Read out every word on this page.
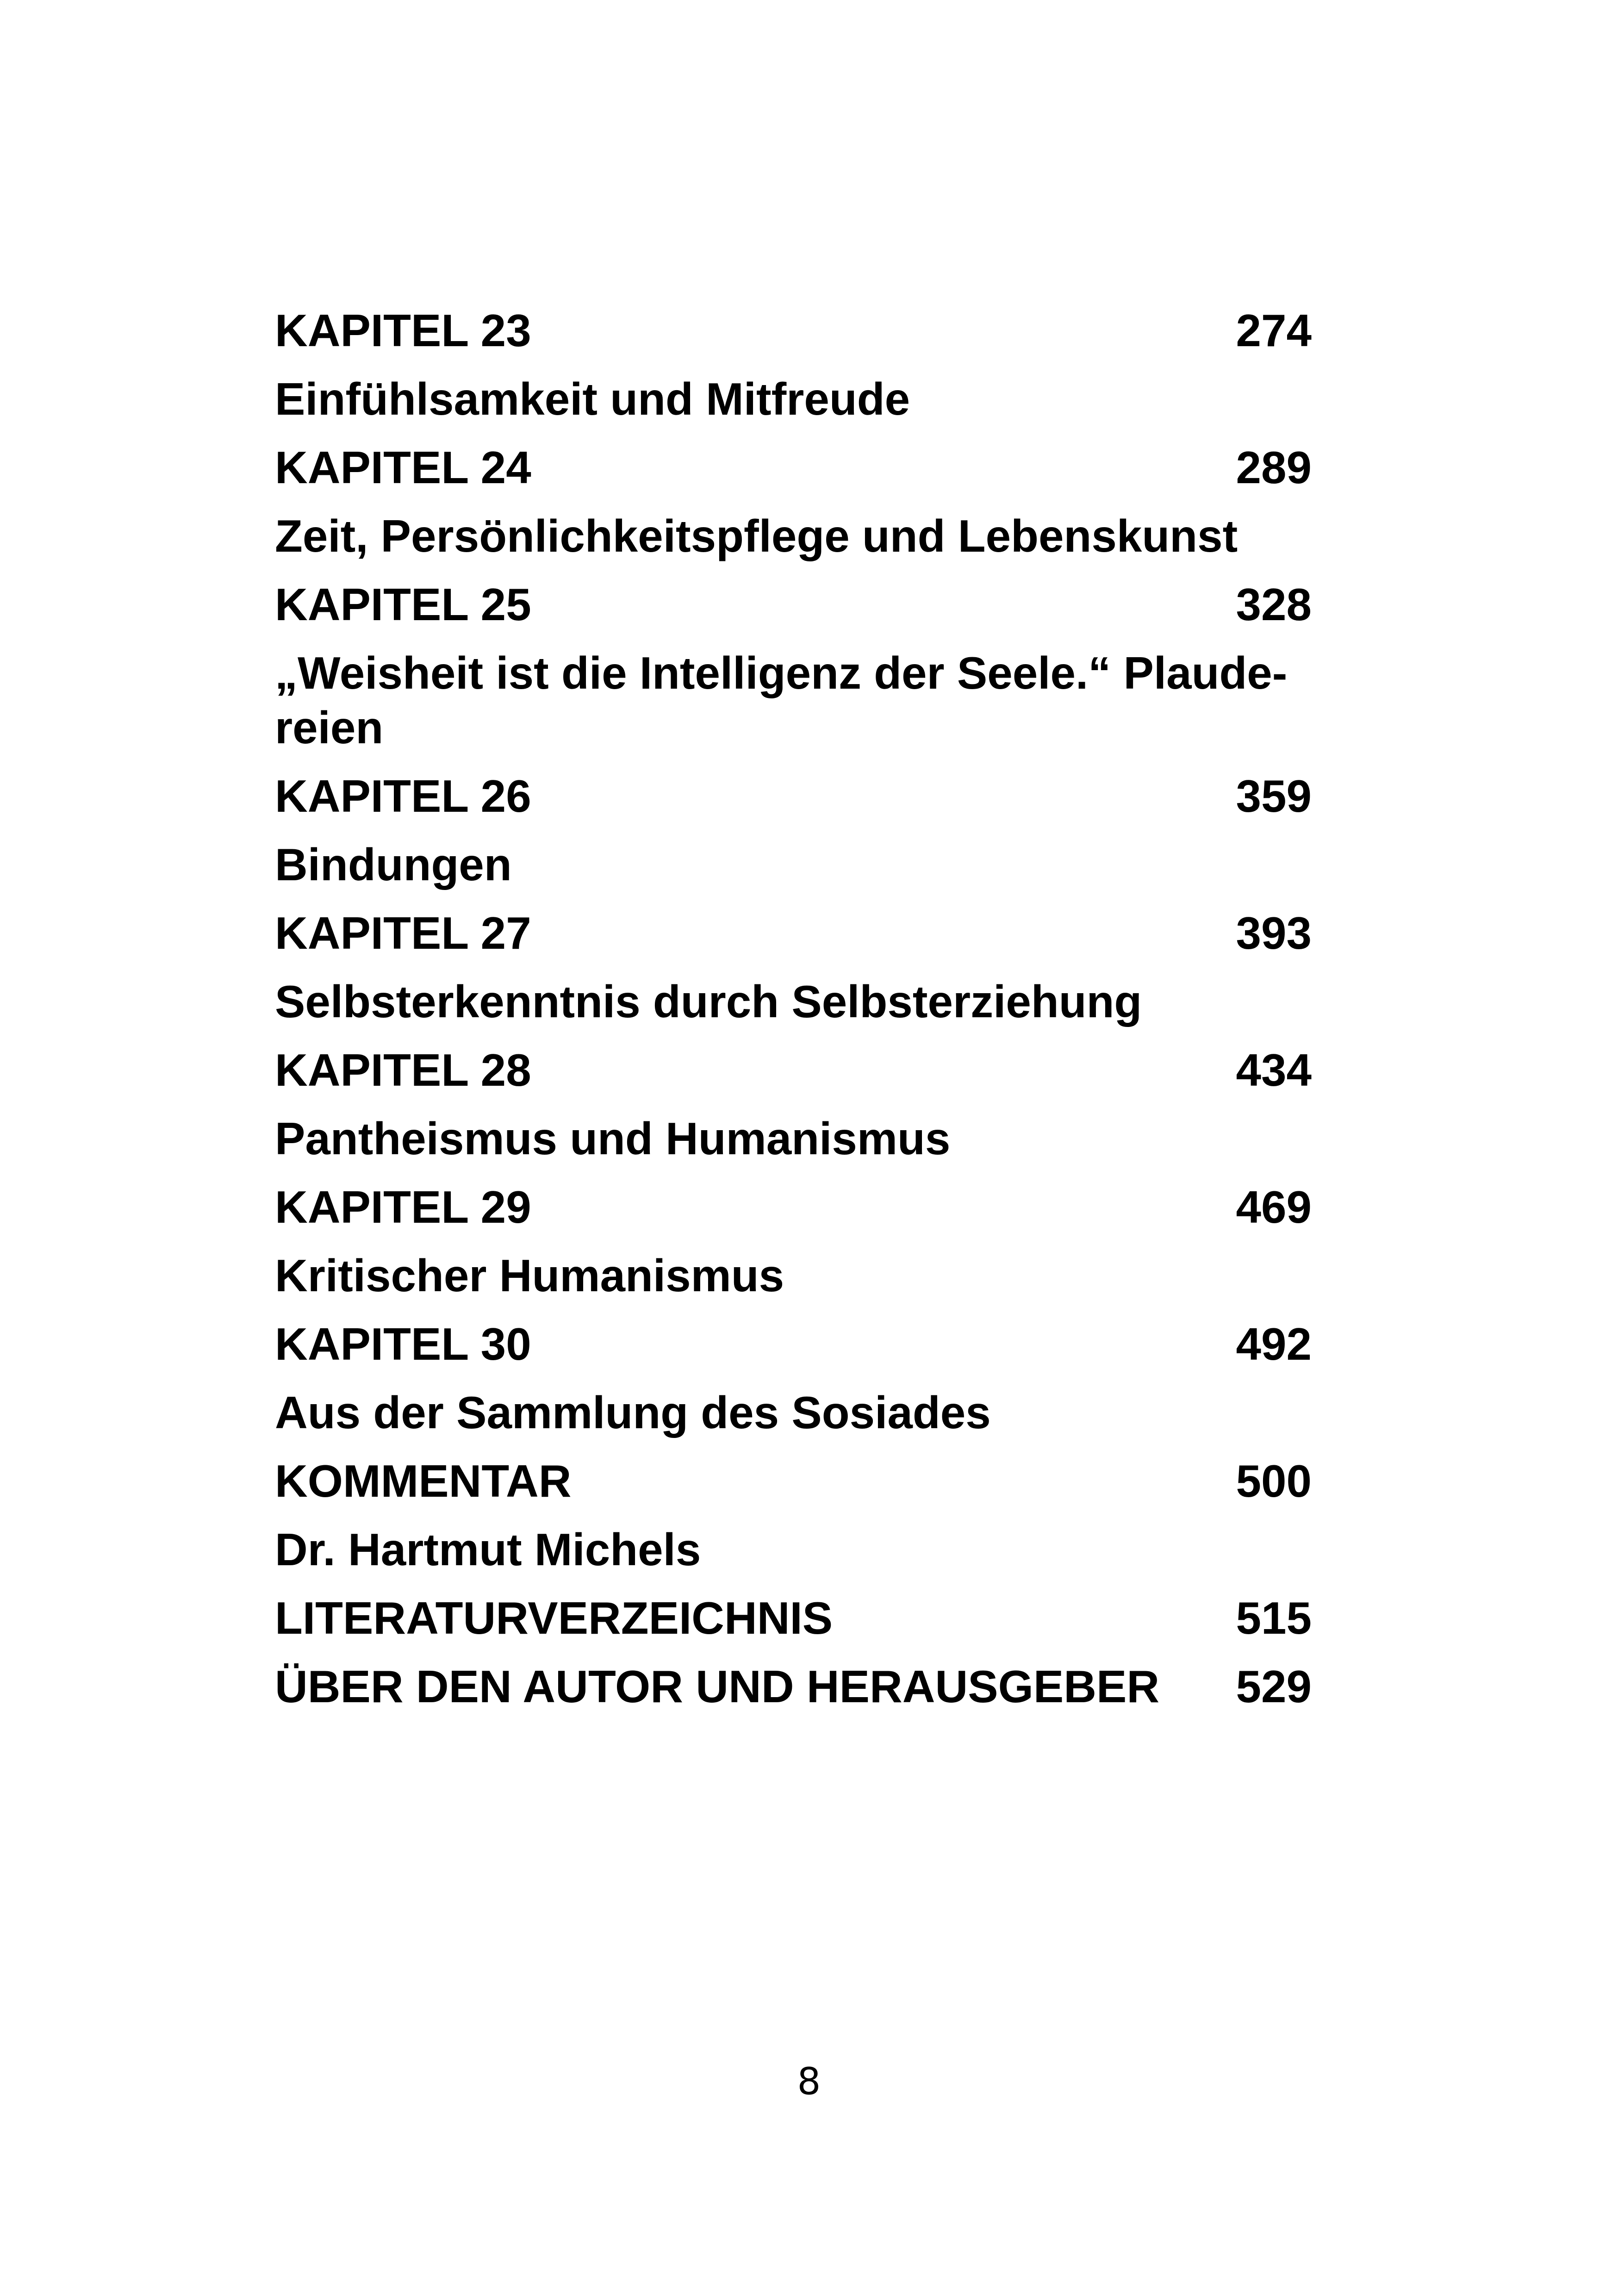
KAPITEL 23	274
Einfühlsamkeit und Mitfreude
KAPITEL 24	289
Zeit, Persönlichkeitspflege und Lebenskunst
KAPITEL 25	328
„Weisheit ist die Intelligenz der Seele.“ Plaude-
reien
KAPITEL 26	359
Bindungen
KAPITEL 27	393
Selbsterkenntnis durch Selbsterziehung
KAPITEL 28	434
Pantheismus und Humanismus
KAPITEL 29	469
Kritischer Humanismus
KAPITEL 30	492
Aus der Sammlung des Sosiades
KOMMENTAR	500
Dr. Hartmut Michels
LITERATURVERZEICHNIS	515
ÜBER DEN AUTOR UND HERAUSGEBER 529
8
